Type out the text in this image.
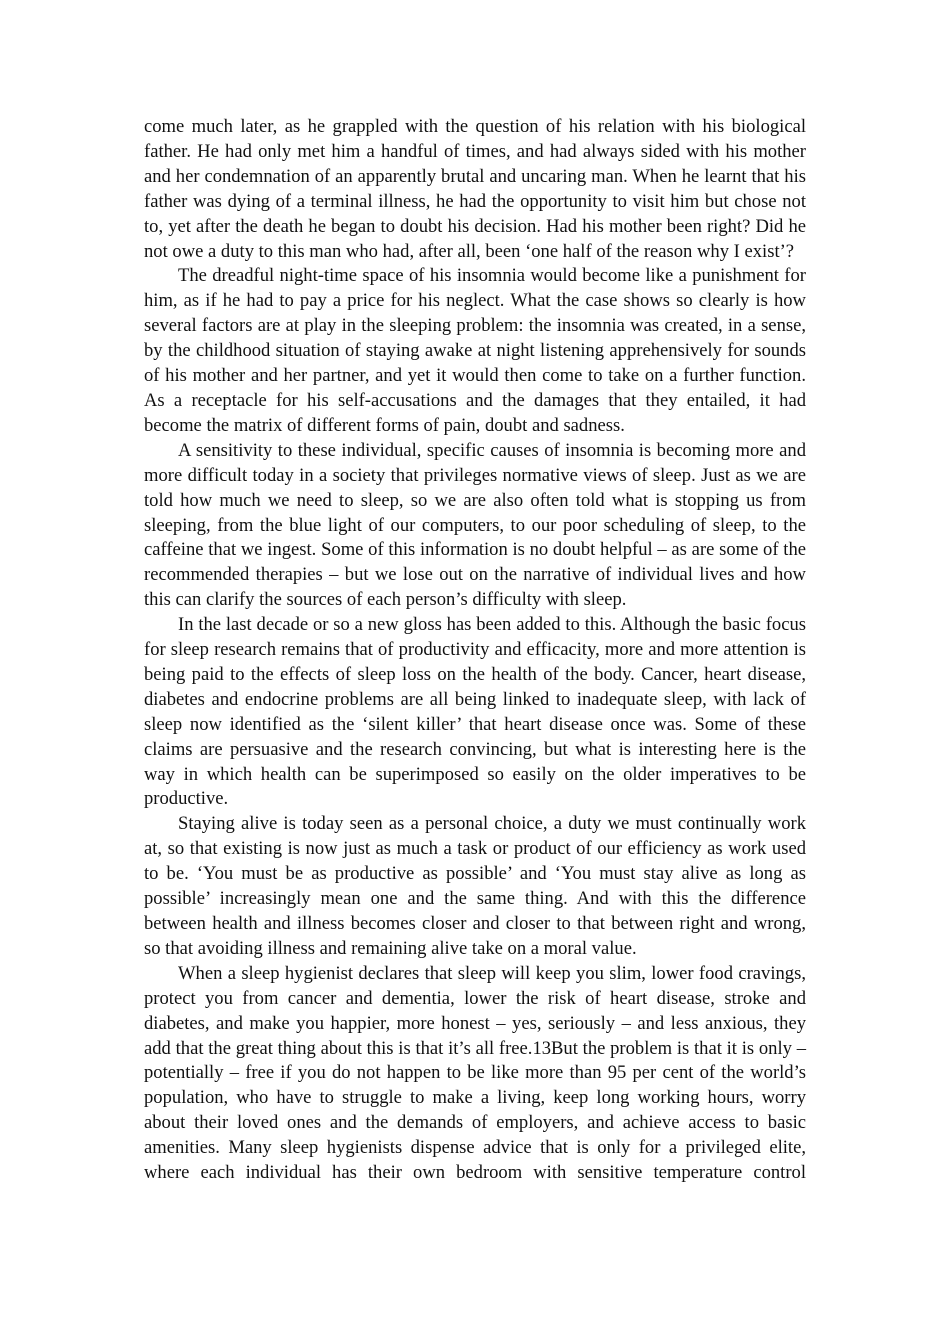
come much later, as he grappled with the question of his relation with his biological father. He had only met him a handful of times, and had always sided with his mother and her condemnation of an apparently brutal and uncaring man. When he learnt that his father was dying of a terminal illness, he had the opportunity to visit him but chose not to, yet after the death he began to doubt his decision. Had his mother been right? Did he not owe a duty to this man who had, after all, been ‘one half of the reason why I exist’?

The dreadful night-time space of his insomnia would become like a punishment for him, as if he had to pay a price for his neglect. What the case shows so clearly is how several factors are at play in the sleeping problem: the insomnia was created, in a sense, by the childhood situation of staying awake at night listening apprehensively for sounds of his mother and her partner, and yet it would then come to take on a further function. As a receptacle for his self-accusations and the damages that they entailed, it had become the matrix of different forms of pain, doubt and sadness.

A sensitivity to these individual, specific causes of insomnia is becoming more and more difficult today in a society that privileges normative views of sleep. Just as we are told how much we need to sleep, so we are also often told what is stopping us from sleeping, from the blue light of our computers, to our poor scheduling of sleep, to the caffeine that we ingest. Some of this information is no doubt helpful – as are some of the recommended therapies – but we lose out on the narrative of individual lives and how this can clarify the sources of each person’s difficulty with sleep.

In the last decade or so a new gloss has been added to this. Although the basic focus for sleep research remains that of productivity and efficacity, more and more attention is being paid to the effects of sleep loss on the health of the body. Cancer, heart disease, diabetes and endocrine problems are all being linked to inadequate sleep, with lack of sleep now identified as the ‘silent killer’ that heart disease once was. Some of these claims are persuasive and the research convincing, but what is interesting here is the way in which health can be superimposed so easily on the older imperatives to be productive.

Staying alive is today seen as a personal choice, a duty we must continually work at, so that existing is now just as much a task or product of our efficiency as work used to be. ‘You must be as productive as possible’ and ‘You must stay alive as long as possible’ increasingly mean one and the same thing. And with this the difference between health and illness becomes closer and closer to that between right and wrong, so that avoiding illness and remaining alive take on a moral value.

When a sleep hygienist declares that sleep will keep you slim, lower food cravings, protect you from cancer and dementia, lower the risk of heart disease, stroke and diabetes, and make you happier, more honest – yes, seriously – and less anxious, they add that the great thing about this is that it’s all free.13But the problem is that it is only – potentially – free if you do not happen to be like more than 95 per cent of the world’s population, who have to struggle to make a living, keep long working hours, worry about their loved ones and the demands of employers, and achieve access to basic amenities. Many sleep hygienists dispense advice that is only for a privileged elite, where each individual has their own bedroom with sensitive temperature control
